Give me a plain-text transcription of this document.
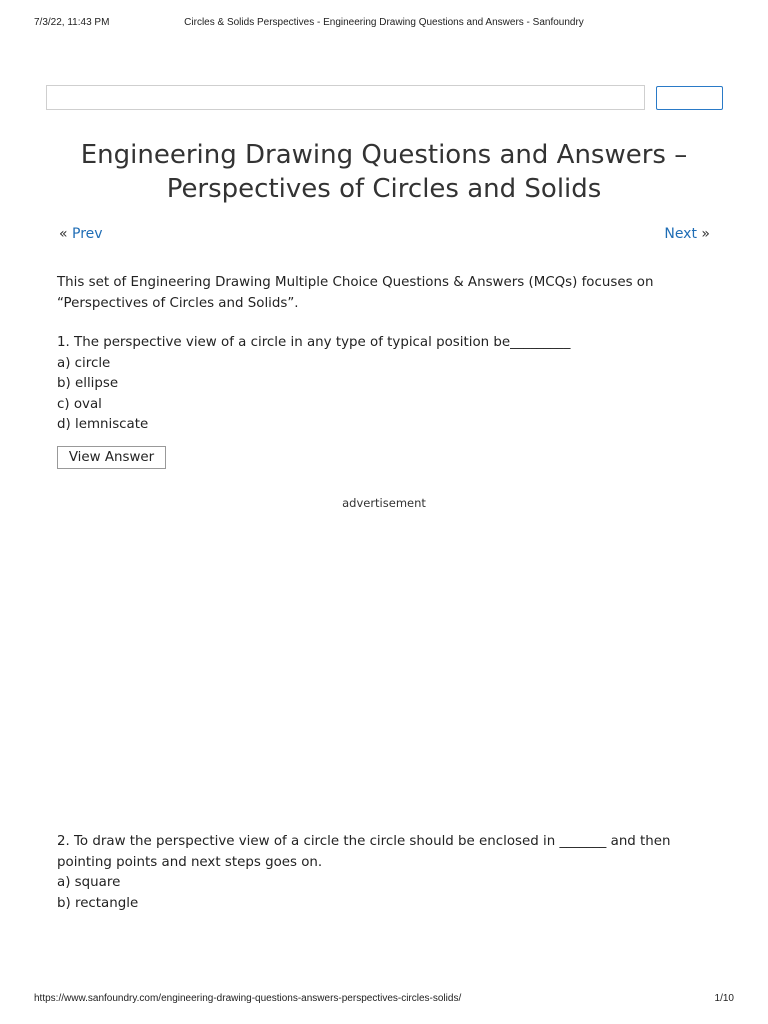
7/3/22, 11:43 PM	Circles & Solids Perspectives - Engineering Drawing Questions and Answers - Sanfoundry
Engineering Drawing Questions and Answers –
Perspectives of Circles and Solids
« Prev	Next »

This set of Engineering Drawing Multiple Choice Questions & Answers (MCQs) focuses on

“Perspectives of Circles and Solids”.

1. The perspective view of a circle in any type of typical position be_________

a) circle

b) ellipse

c) oval

d) lemniscate

View Answer
advertisement

2. To draw the perspective view of a circle the circle should be enclosed in _______ and then

pointing points and next steps goes on.

a) square

b) rectangle

https://www.sanfoundry.com/engineering-drawing-questions-answers-perspectives-circles-solids/	1/10
